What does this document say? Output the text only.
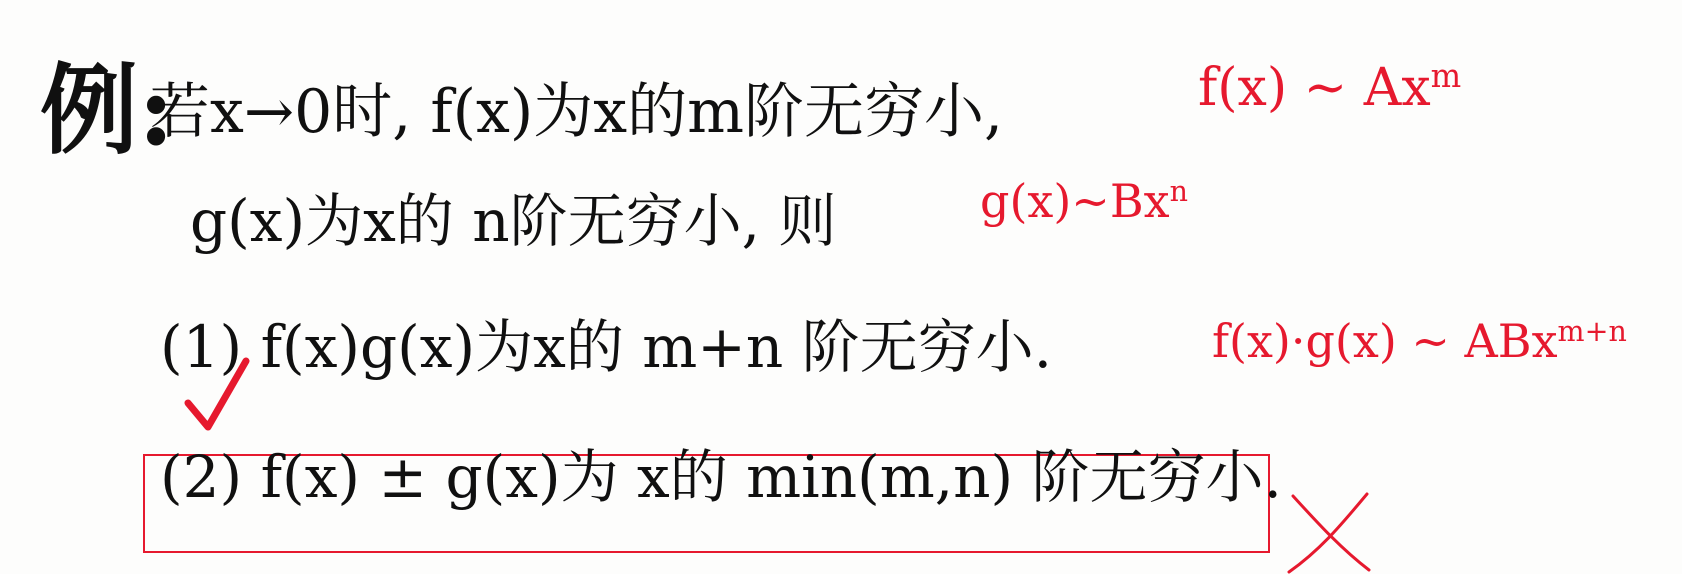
例:
若x→0时, f(x)为x的m阶无穷小,
g(x)为x的 n阶无穷小, 则
(1) f(x)g(x)为x的 m+n 阶无穷小.
(2) f(x) ± g(x)为 x的 min(m,n) 阶无穷小.
f(x) ~ Ax$^m$
g(x)~Bx$^n$
f(x)·g(x) ~ ABx$^{m+n}$
